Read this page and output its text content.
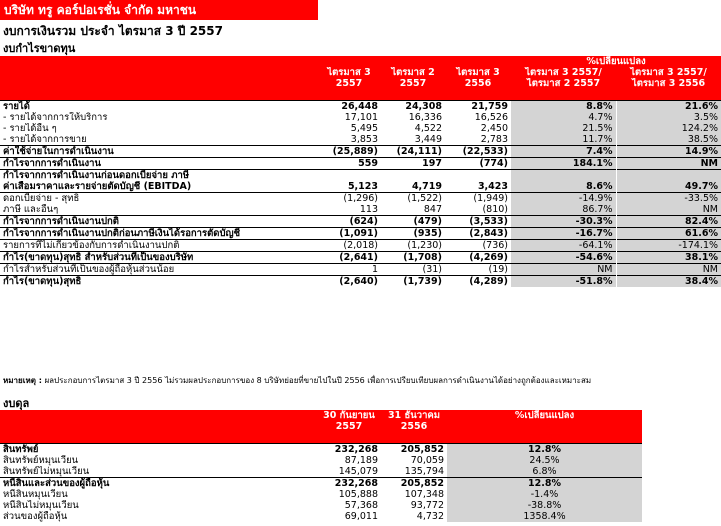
บริษัท ทรู คอร์ปอเรชั่น จำกัด มหาชน
งบการเงินรวม ประจำ ไตรมาส 3 ปี 2557
งบกำไรขาดทุน
				%เปลี่ยนแปลง	
	ไตรมาส 3	ไตรมาส 2	ไตรมาส 3	ไตรมาส 3 2557/	ไตรมาส 3 2557/
	2557	2557	2556	ไตรมาส 2 2557	ไตรมาส 3 2556

รายได้	26,448	24,308	21,759	8.8%	21.6%
- รายได้จากการให้บริการ	17,101	16,336	16,526	4.7%	3.5%
- รายได้อื่น ๆ	5,495	4,522	2,450	21.5%	124.2%
- รายได้จากการขาย	3,853	3,449	2,783	11.7%	38.5%
ค่าใช้จ่ายในการดำเนินงาน	(25,889)	(24,111)	(22,533)	7.4%	14.9%
กำไรจากการดำเนินงาน	559	197	(774)	184.1%	NM
กำไรจากการดำเนินงานก่อนดอกเบี้ยจ่าย ภาษี					
ค่าเสื่อมราคาและรายจ่ายตัดบัญชี (EBITDA)	5,123	4,719	3,423	8.6%	49.7%
ดอกเบี้ยจ่าย - สุทธิ	(1,296)	(1,522)	(1,949)	-14.9%	-33.5%
ภาษี และอื่นๆ	113	847	(810)	86.7%	NM
กำไรจากการดำเนินงานปกติ	(624)	(479)	(3,533)	-30.3%	82.4%
กำไรจากการดำเนินงานปกติก่อนภาษีเงินได้รอการตัดบัญชี	(1,091)	(935)	(2,843)	-16.7%	61.6%
รายการที่ไม่เกี่ยวข้องกับการดำเนินงานปกติ	(2,018)	(1,230)	(736)	-64.1%	-174.1%
กำไร(ขาดทุน)สุทธิ สำหรับส่วนที่เป็นของบริษัท	(2,641)	(1,708)	(4,269)	-54.6%	38.1%
กำไรสำหรับส่วนที่เป็นของผู้ถือหุ้นส่วนน้อย	1	(31)	(19)	NM	NM
กำไร(ขาดทุน)สุทธิ	(2,640)	(1,739)	(4,289)	-51.8%	38.4%
หมายเหตุ : ผลประกอบการไตรมาส 3 ปี 2556 ไม่รวมผลประกอบการของ 8 บริษัทย่อยที่ขายไปในปี 2556 เพื่อการเปรียบเทียบผลการดำเนินงานได้อย่างถูกต้องและเหมาะสม
งบดุล
	30 กันยายน	31 ธันวาคม	%เปลี่ยนแปลง
	2557	2556	

สินทรัพย์	232,268	205,852	12.8%
สินทรัพย์หมุนเวียน	87,189	70,059	24.5%
สินทรัพย์ไม่หมุนเวียน	145,079	135,794	6.8%
หนี้สินและส่วนของผู้ถือหุ้น	232,268	205,852	12.8%
หนี้สินหมุนเวียน	105,888	107,348	-1.4%
หนี้สินไม่หมุนเวียน	57,368	93,772	-38.8%
ส่วนของผู้ถือหุ้น	69,011	4,732	1358.4%
